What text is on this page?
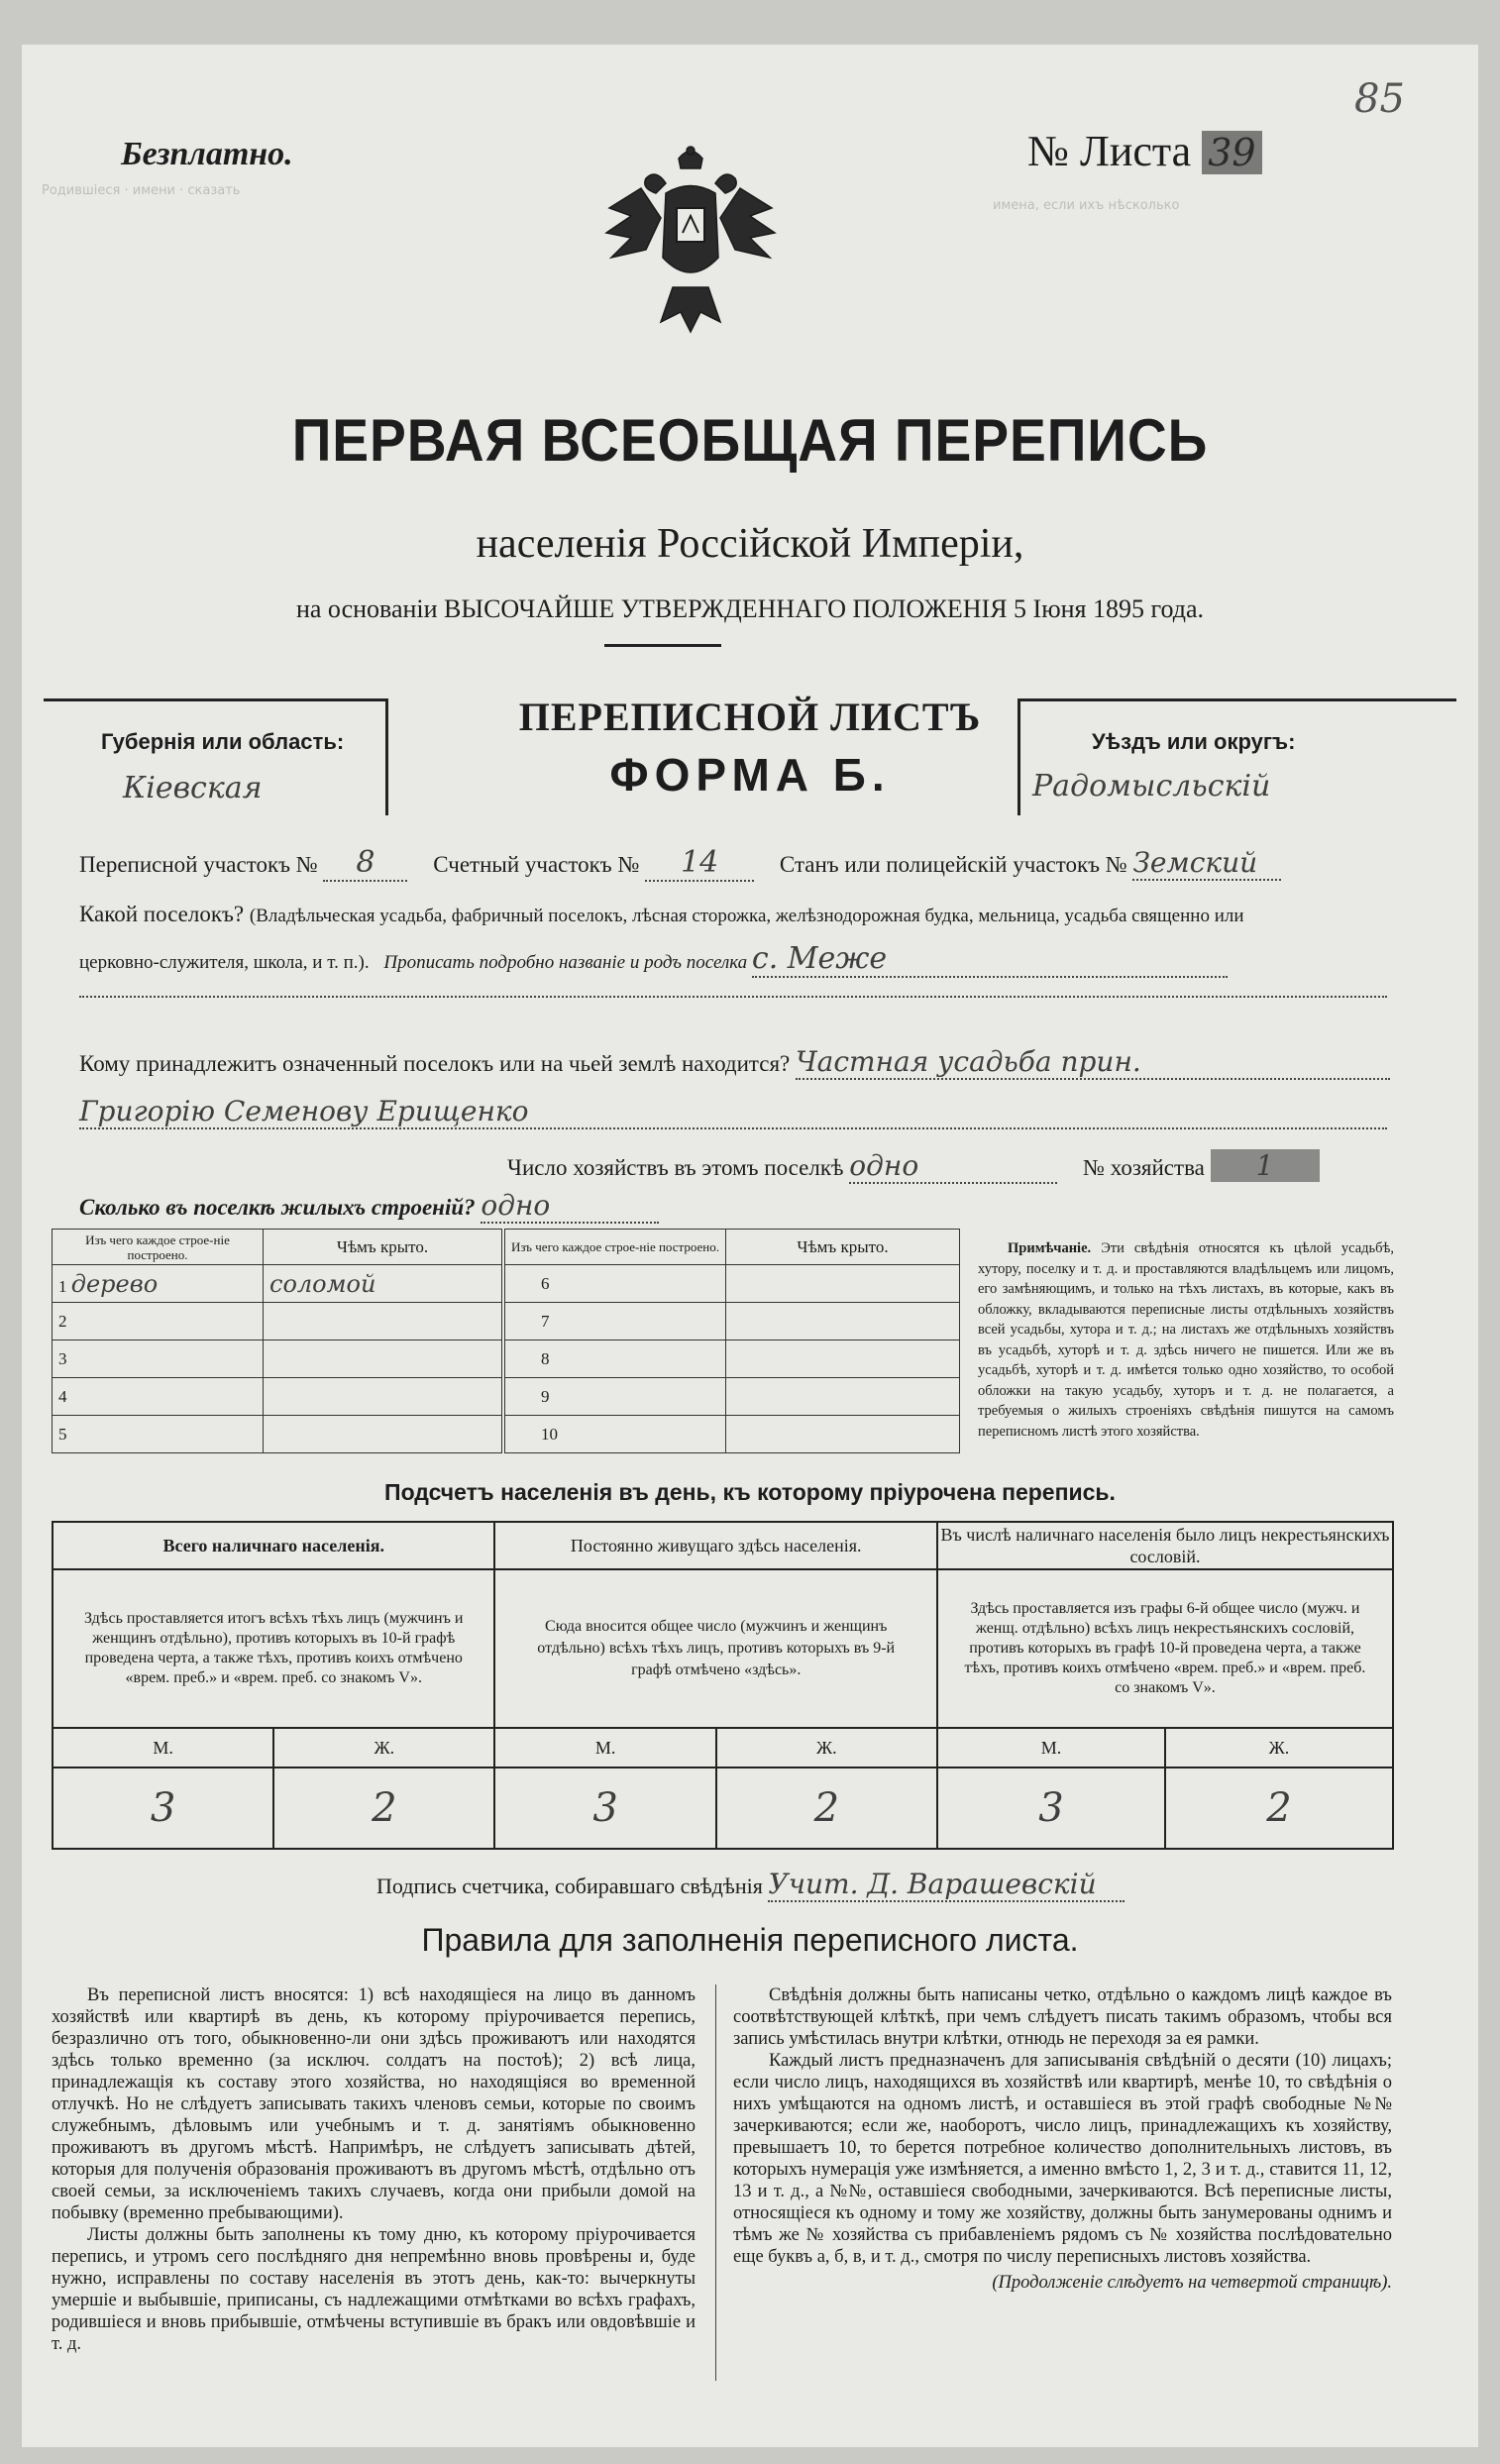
Родившіеся · имени · сказать
имена, если ихъ нѣсколько
Безплатно.	№ Листа 39
85
ПЕРВАЯ ВСЕОБЩАЯ ПЕРЕПИСЬ
населенія Россійской Имперіи,
на основаніи ВЫСОЧАЙШЕ УТВЕРЖДЕННАГО ПОЛОЖЕНІЯ 5 Іюня 1895 года.
Губернія или область:
Кіевская
ПЕРЕПИСНОЙ ЛИСТЪ
ФОРМА Б.
Уѣздъ или округъ:
Радомысльскій
Переписной участокъ № 8	Счетный участокъ № 14	Станъ или полицейскій участокъ № Земский
Какой поселокъ? (Владѣльческая усадьба, фабричный поселокъ, лѣсная сторожка, желѣзнодорожная будка, мельница, усадьба священно или
церковно-служителя, школа, и т. п.). Прописать подробно названіе и родъ поселка с. Меже
Кому принадлежитъ означенный поселокъ или на чьей землѣ находится? Частная усадьба прин.
Григорію Семенову Ерищенко
Число хозяйствъ въ этомъ поселкѣ одно	№ хозяйства 1
Сколько въ поселкѣ жилыхъ строеній? одно
Изъ чего каждое строе-ніе построено.	Чѣмъ крыто.
1 дерево	соломой
2	
3	
4	
5	
Изъ чего каждое строе-ніе построено.	Чѣмъ крыто.
6	
7	
8	
9	
10	
Примѣчаніе. Эти свѣдѣнія относятся къ цѣлой усадьбѣ, хутору, поселку и т. д. и проставляются владѣльцемъ или лицомъ, его замѣняющимъ, и только на тѣхъ листахъ, въ которые, какъ въ обложку, вкладываются переписные листы отдѣльныхъ хозяйствъ всей усадьбы, хутора и т. д.; на листахъ же отдѣльныхъ хозяйствъ въ усадьбѣ, хуторѣ и т. д. здѣсь ничего не пишется. Или же въ усадьбѣ, хуторѣ и т. д. имѣется только одно хозяйство, то особой обложки на такую усадьбу, хуторъ и т. д. не полагается, а требуемыя о жилыхъ строеніяхъ свѣдѣнія пишутся на самомъ переписномъ листѣ этого хозяйства.
Подсчетъ населенія въ день, къ которому пріурочена перепись.
Всего наличнаго населенія.		Постоянно живущаго здѣсь населенія.		Въ числѣ наличнаго населенія было лицъ некрестьянскихъ сословій.	
Здѣсь проставляется итогъ всѣхъ тѣхъ лицъ (мужчинъ и женщинъ отдѣльно), противъ которыхъ въ 10-й графѣ проведена черта, а также тѣхъ, противъ коихъ отмѣчено «врем. преб.» и «врем. преб. со знакомъ V».		Сюда вносится общее число (мужчинъ и женщинъ отдѣльно) всѣхъ тѣхъ лицъ, противъ которыхъ въ 9-й графѣ отмѣчено «здѣсь».		Здѣсь проставляется изъ графы 6-й общее число (мужч. и женщ. отдѣльно) всѣхъ лицъ некрестьянскихъ сословій, противъ которыхъ въ графѣ 10-й проведена черта, а также тѣхъ, противъ коихъ отмѣчено «врем. преб.» и «врем. преб. со знакомъ V».	
М.	Ж.	М.	Ж.	М.	Ж.
3	2	3	2	3	2
Подпись счетчика, собиравшаго свѣдѣнія Учит. Д. Варашевскій
Правила для заполненія переписного листа.

Въ переписной листъ вносятся: 1) всѣ находящіеся на лицо въ данномъ хозяйствѣ или квартирѣ въ день, къ которому пріурочивается перепись, безразлично отъ того, обыкновенно-ли они здѣсь проживаютъ или находятся здѣсь только временно (за исключ. солдатъ на постоѣ); 2) всѣ лица, принадлежащія къ составу этого хозяйства, но находящіяся во временной отлучкѣ. Но не слѣдуетъ записывать такихъ членовъ семьи, которые по своимъ служебнымъ, дѣловымъ или учебнымъ и т. д. занятіямъ обыкновенно проживаютъ въ другомъ мѣстѣ. Напримѣръ, не слѣдуетъ записывать дѣтей, которыя для полученія образованія проживаютъ въ другомъ мѣстѣ, отдѣльно отъ своей семьи, за исключеніемъ такихъ случаевъ, когда они прибыли домой на побывку (временно пребывающими).

Листы должны быть заполнены къ тому дню, къ которому пріурочивается перепись, и утромъ сего послѣдняго дня непремѣнно вновь провѣрены и, буде нужно, исправлены по составу населенія въ этотъ день, как-то: вычеркнуты умершіе и выбывшіе, приписаны, съ надлежащими отмѣтками во всѣхъ графахъ, родившіеся и вновь прибывшіе, отмѣчены вступившіе въ бракъ или овдовѣвшіе и т. д.

Свѣдѣнія должны быть написаны четко, отдѣльно о каждомъ лицѣ каждое въ соотвѣтствующей клѣткѣ, при чемъ слѣдуетъ писать такимъ образомъ, чтобы вся запись умѣстилась внутри клѣтки, отнюдь не переходя за ея рамки.

Каждый листъ предназначенъ для записыванія свѣдѣній о десяти (10) лицахъ; если число лицъ, находящихся въ хозяйствѣ или квартирѣ, менѣе 10, то свѣдѣнія о нихъ умѣщаются на одномъ листѣ, и оставшіеся въ этой графѣ свободные №№ зачеркиваются; если же, наоборотъ, число лицъ, принадлежащихъ къ хозяйству, превышаетъ 10, то берется потребное количество дополнительныхъ листовъ, въ которыхъ нумерація уже измѣняется, а именно вмѣсто 1, 2, 3 и т. д., ставится 11, 12, 13 и т. д., а №№, оставшіеся свободными, зачеркиваются. Всѣ переписные листы, относящіеся къ одному и тому же хозяйству, должны быть занумерованы однимъ и тѣмъ же № хозяйства съ прибавленіемъ рядомъ съ № хозяйства послѣдовательно еще буквъ а, б, в, и т. д., смотря по числу переписныхъ листовъ хозяйства.

(Продолженіе слѣдуетъ на четвертой страницѣ).
